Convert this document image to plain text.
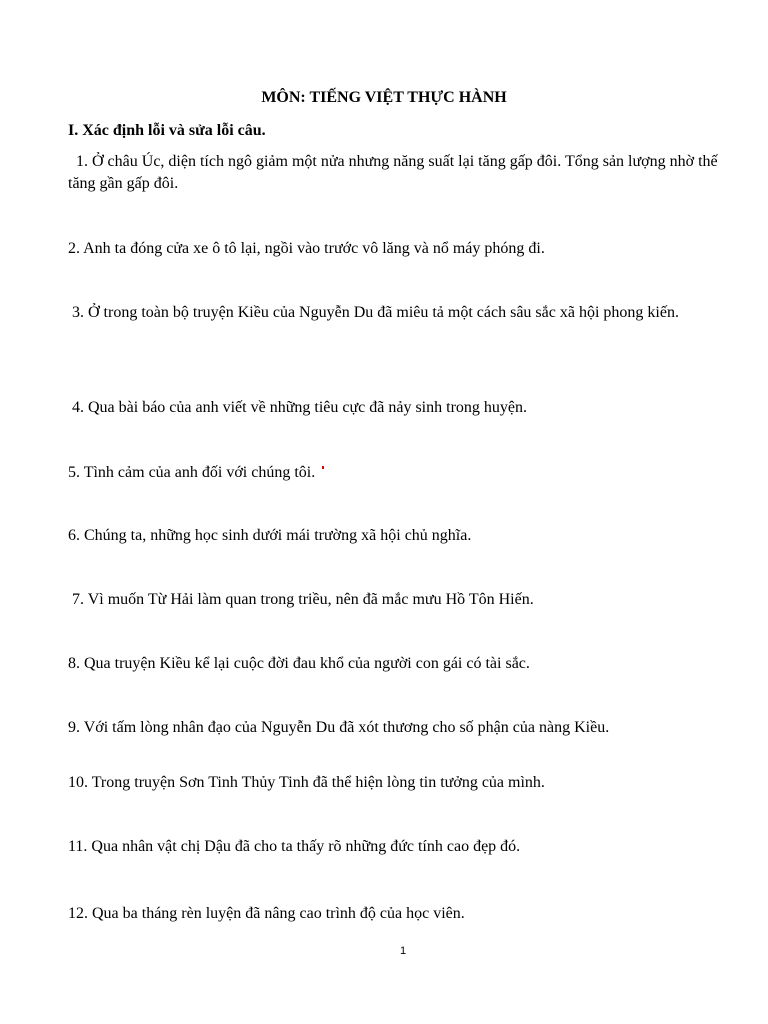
MÔN: TIẾNG VIỆT THỰC HÀNH
I. Xác định lỗi và sửa lỗi câu.
1. Ở châu Úc, diện tích ngô giảm một nửa nhưng năng suất lại tăng gấp đôi. Tổng sản lượng nhờ thế tăng gần gấp đôi.
2. Anh ta đóng cửa xe ô tô lại, ngồi vào trước vô lăng và nổ máy phóng đi.
3. Ở trong toàn bộ truyện Kiều của Nguyễn Du đã miêu tả một cách sâu sắc xã hội phong kiến.
4. Qua bài báo của anh viết về những tiêu cực đã nảy sinh trong huyện.
5. Tình cảm của anh đối với chúng tôi.
6. Chúng ta, những học sinh dưới mái trường xã hội chủ nghĩa.
7. Vì muốn Từ Hải làm quan trong triều, nên đã mắc mưu Hồ Tôn Hiến.
8. Qua truyện Kiều kể lại cuộc đời đau khổ của người con gái có tài sắc.
9. Với tấm lòng nhân đạo của Nguyễn Du đã xót thương cho số phận của nàng Kiều.
10. Trong truyện Sơn Tinh Thủy Tinh đã thể hiện lòng tin tưởng của mình.
11. Qua nhân vật chị Dậu đã cho ta thấy rõ những đức tính cao đẹp đó.
12. Qua ba tháng rèn luyện đã nâng cao trình độ của học viên.
1
